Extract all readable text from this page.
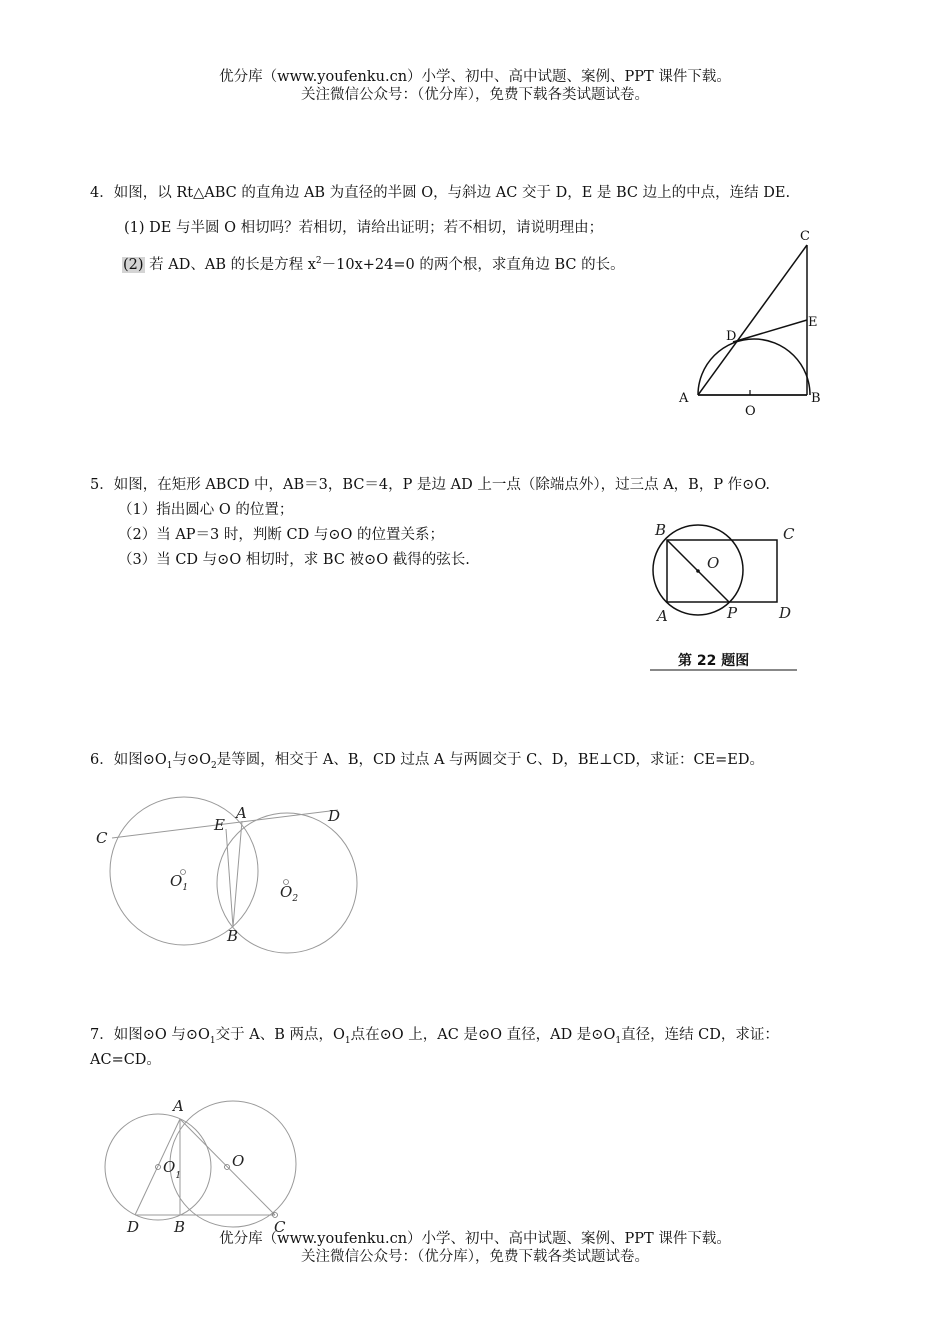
优分库（www.youfenku.cn）小学、初中、高中试题、案例、PPT 课件下载。
关注微信公众号：（优分库），免费下载各类试题试卷。
4．如图，以 Rt△ABC 的直角边 AB 为直径的半圆 O，与斜边 AC 交于 D，E 是 BC 边上的中点，连结 DE.
(1) DE 与半圆 O 相切吗？若相切，请给出证明；若不相切，请说明理由；
(2) 若 AD、AB 的长是方程 $x^2-10x+24=0$ 的两个根，求直角边 BC 的长。
C
E
D
A
O
B
5．如图，在矩形 ABCD 中，AB＝3，BC＝4，P 是边 AD 上一点（除端点外），过三点 A，B，P 作⊙O.
（1）指出圆心 O 的位置；
（2）当 AP＝3 时，判断 CD 与⊙O 的位置关系；
（3）当 CD 与⊙O 相切时，求 BC 被⊙O 截得的弦长.
B	C
O
A	P	D
第 22 题图
6．如图$⊙O_1$与$⊙O_2$是等圆，相交于 A、B，CD 过点 A 与两圆交于 C、D，BE⊥CD，求证：CE=ED。
A	D
C
E
B
$O_1$	$O_2$
7．如图⊙O 与$⊙O_1$交于 A、B 两点，$O_1$点在⊙O 上，AC 是⊙O 直径，AD 是$⊙O_1$直径，连结 CD，求证：
AC=CD。
A
O
$O_1$
D B	C
优分库（www.youfenku.cn）小学、初中、高中试题、案例、PPT 课件下载。
关注微信公众号：（优分库），免费下载各类试题试卷。
